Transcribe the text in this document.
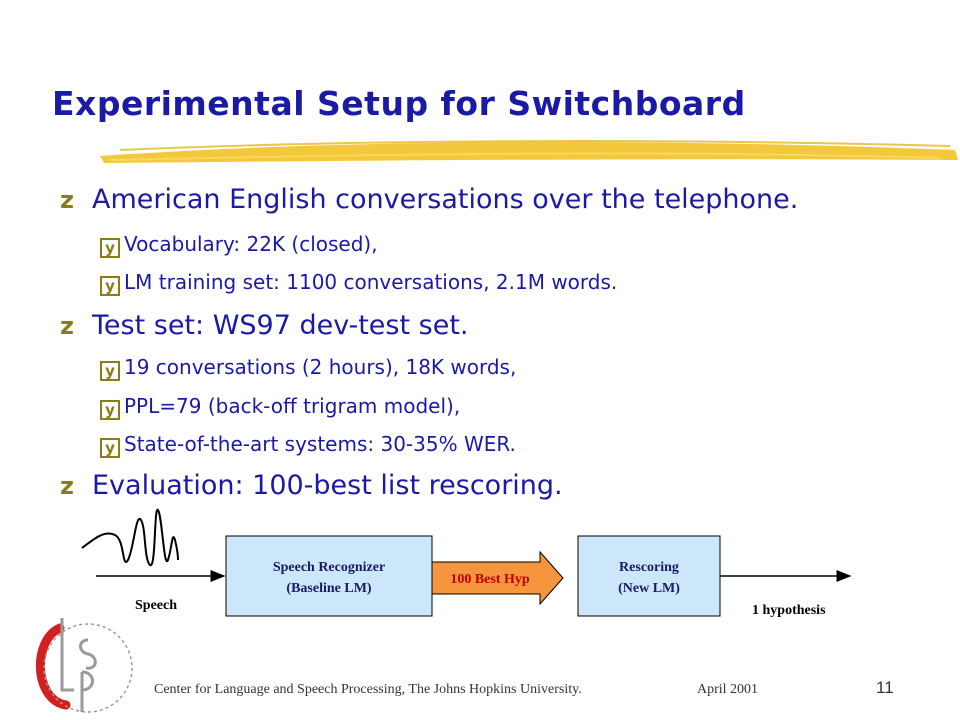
Experimental Setup for Switchboard
z American English conversations over the telephone.
y Vocabulary: 22K (closed),
y LM training set: 1100 conversations, 2.1M words.
z Test set: WS97 dev-test set.
y 19 conversations (2 hours), 18K words,
y PPL=79 (back-off trigram model),
y State-of-the-art systems: 30-35% WER.
z Evaluation: 100-best list rescoring.
Speech
Speech Recognizer
(Baseline LM)
100 Best Hyp
Rescoring
(New LM)
1 hypothesis
Center for Language and Speech Processing, The Johns Hopkins University.	April 2001	11
